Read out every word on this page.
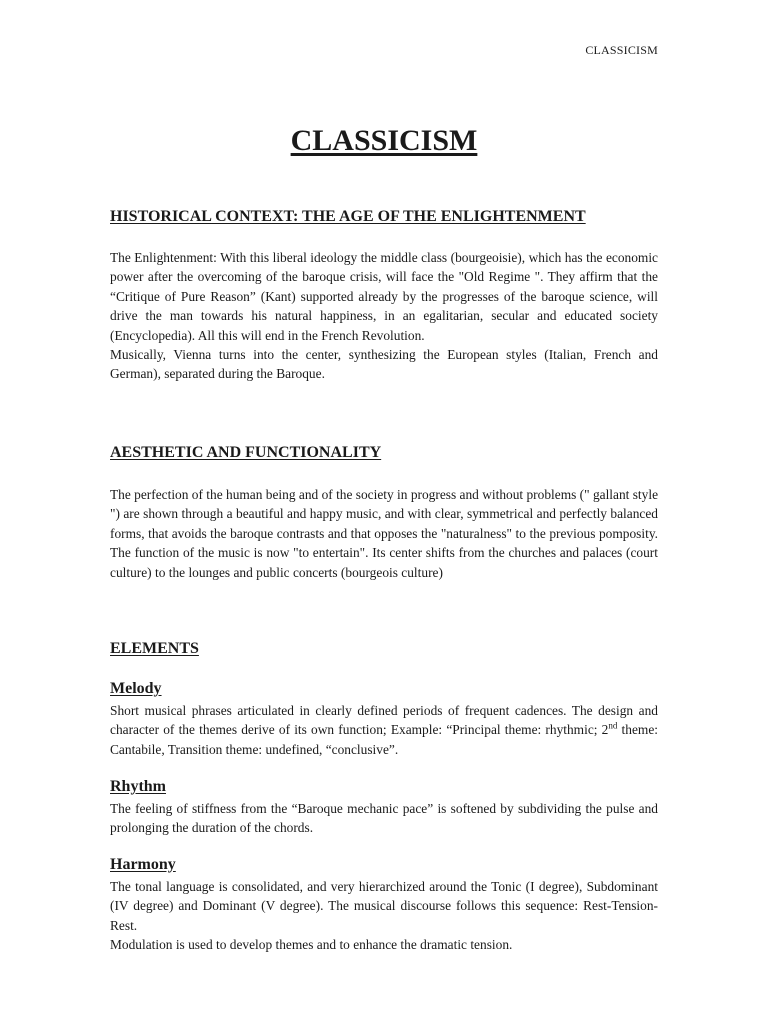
CLASSICISM
CLASSICISM
HISTORICAL CONTEXT: THE AGE OF THE ENLIGHTENMENT

The Enlightenment: With this liberal ideology the middle class (bourgeoisie), which has the economic power after the overcoming of the baroque crisis, will face the "Old Regime ". They affirm that the “Critique of Pure Reason” (Kant) supported already by the progresses of the baroque science, will drive the man towards his natural happiness, in an egalitarian, secular and educated society (Encyclopedia). All this will end in the French Revolution.

Musically, Vienna turns into the center, synthesizing the European styles (Italian, French and German), separated during the Baroque.

AESTHETIC AND FUNCTIONALITY

The perfection of the human being and of the society in progress and without problems (" gallant style ") are shown through a beautiful and happy music, and with clear, symmetrical and perfectly balanced forms, that avoids the baroque contrasts and that opposes the "naturalness" to the previous pomposity. The function of the music is now "to entertain". Its center shifts from the churches and palaces (court culture) to the lounges and public concerts (bourgeois culture)

ELEMENTS
Melody

Short musical phrases articulated in clearly defined periods of frequent cadences. The design and character of the themes derive of its own function; Example: “Principal theme: rhythmic; 2nd theme: Cantabile, Transition theme: undefined, “conclusive”.

Rhythm

The feeling of stiffness from the “Baroque mechanic pace” is softened by subdividing the pulse and prolonging the duration of the chords.

Harmony

The tonal language is consolidated, and very hierarchized around the Tonic (I degree), Subdominant (IV degree) and Dominant (V degree). The musical discourse follows this sequence: Rest-Tension-Rest.

Modulation is used to develop themes and to enhance the dramatic tension.
